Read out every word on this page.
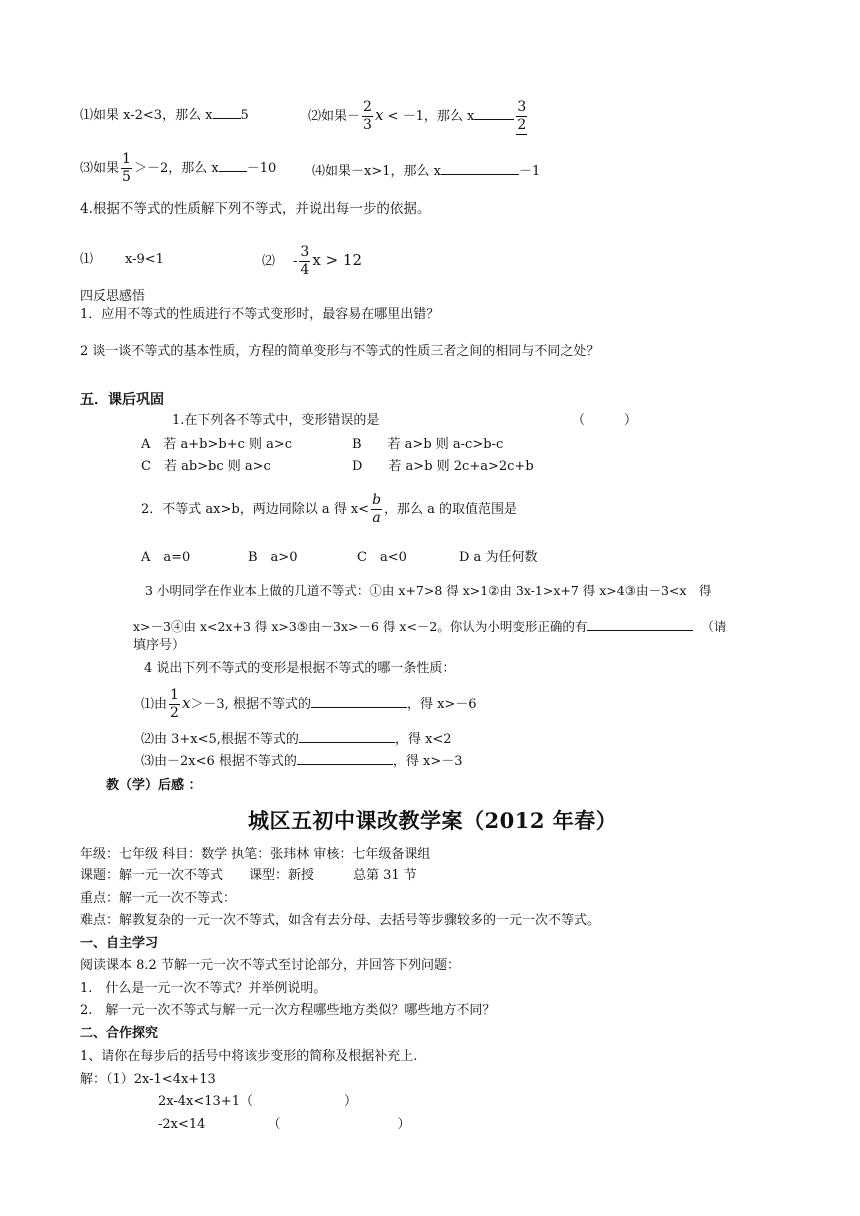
⑴如果 x-2<3，那么 x 5	⑵如果－ $\frac{2}{3}$ x < －1，那么 x	$\frac{3}{2}$
⑶如果 $\frac{1}{5} >-2$，那么 x －10	⑷如果－x>1，那么 x	－1
4.根据不等式的性质解下列不等式，并说出每一步的依据。
⑴ x-9<1	⑵ - $\frac{3}{4}$ x > 12
四反思感悟
1．应用不等式的性质进行不等式变形时，最容易在哪里出错？
2 谈一谈不等式的基本性质，方程的简单变形与不等式的性质三者之间的相同与不同之处？
五．课后巩固
1.在下列各不等式中，变形错误的是	（　　　）
A　若 a+b>b+c 则 a>c	B　　若 a>b 则 a-c>b-c
C　若 ab>bc 则 a>c	D　　若 a>b 则 2c+a>2c+b
2．不等式 ax>b，两边同除以 a 得 $x< \frac{b}{a}$ ，那么 a 的取值范围是
A　a=0	B　a>0	C　a<0	D a 为任何数
3 小明同学在作业本上做的几道不等式：①由 x+7>8 得 x>1②由 3x-1>x+7 得 x>4③由－3<x　得
x>－3④由 x<2x+3 得 x>3⑤由－3x>－6 得 x<－2。你认为小明变形正确的有	（请
填序号）
4 说出下列不等式的变形是根据不等式的哪一条性质：
⑴由 $\frac{1}{2} x>-3$, 根据不等式的	，得 x>－6
⑵由 3+x<5,根据不等式的	，得 x<2
⑶由－2x<6 根据不等式的	，得 x>－3
教（学）后感 ：
城区五初中课改教学案（2012 年春）
年级：七年级 科目：数学 执笔：张玮林 审核：七年级备课组
课题：解一元一次不等式　　课型：新授　　　总第 31 节
重点：解一元一次不等式：
难点：解教复杂的一元一次不等式，如含有去分母、去括号等步骤较多的一元一次不等式。
一、自主学习
阅读课本 8.2 节解一元一次不等式至讨论部分，并回答下列问题：
1.　什么是一元一次不等式？并举例说明。
2.　解一元一次不等式与解一元一次方程哪些地方类似？哪些地方不同？
二、合作探究
1、请你在每步后的括号中将该步变形的简称及根据补充上.
解：（1）2x-1<4x+13
2x-4x<13+1（　　　　　　　）
-2x<14	（　　　　　　　　　）
